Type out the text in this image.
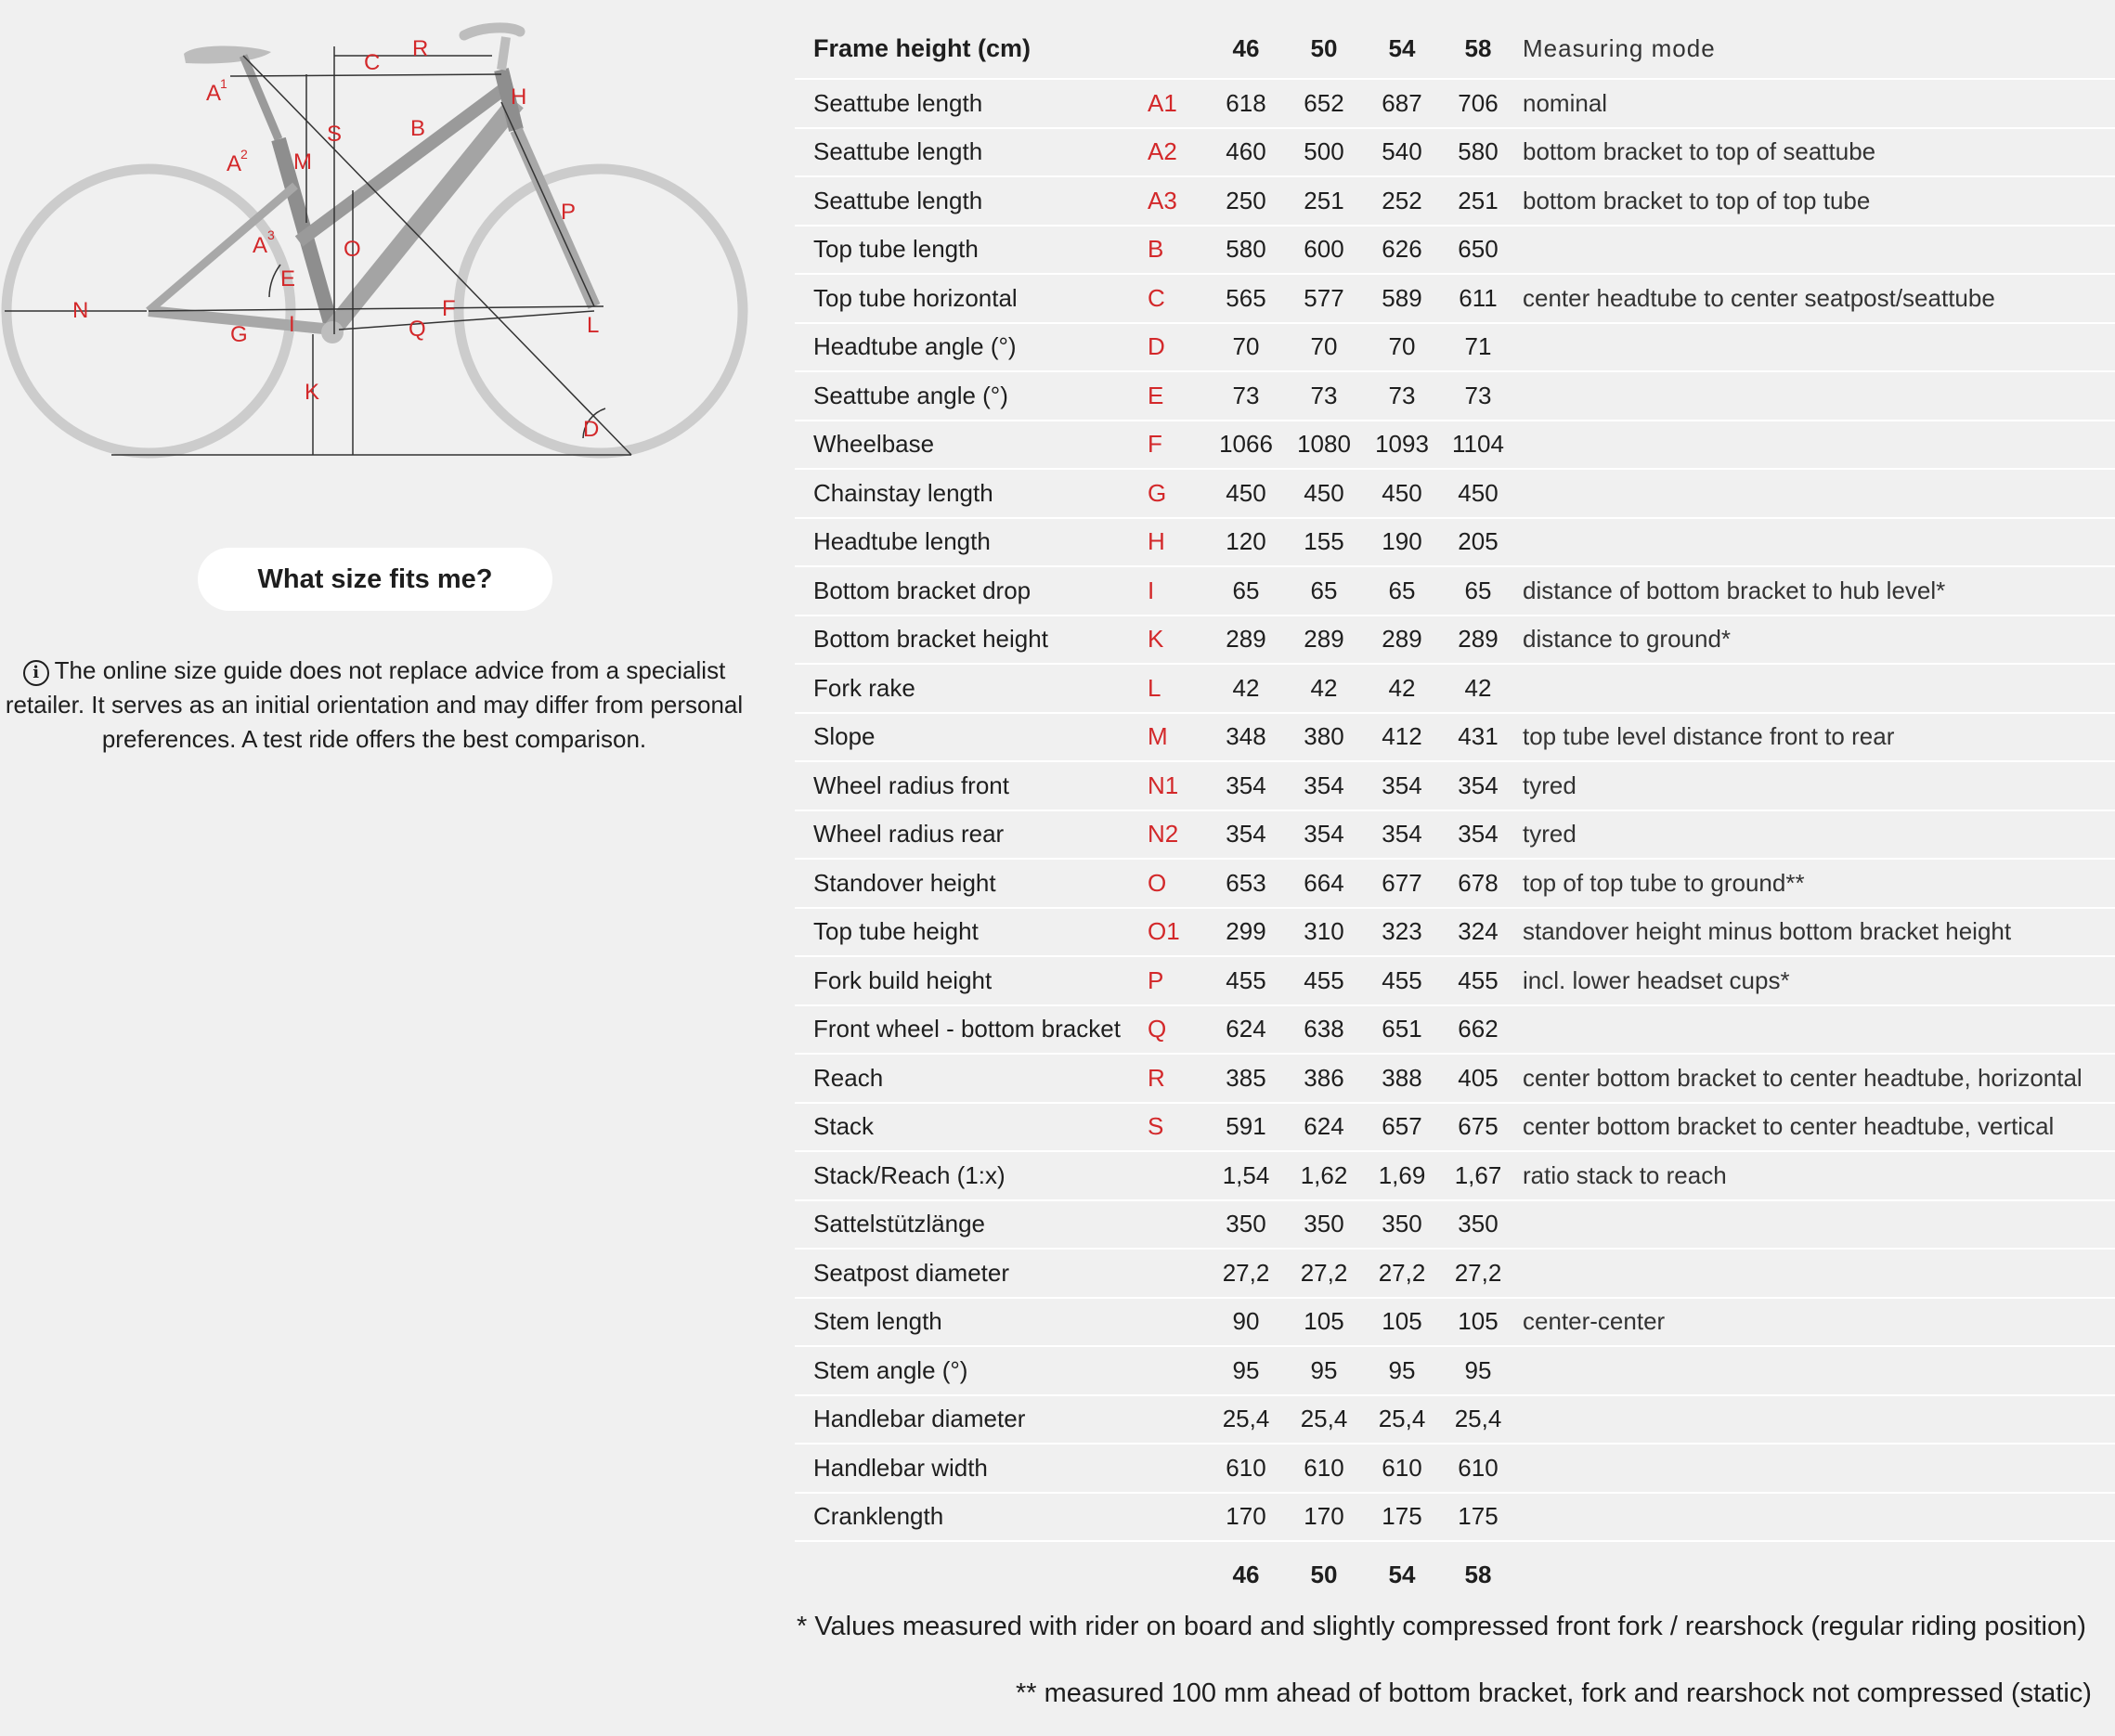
A
1
A
2
A 3
B
C
D
E
F
G
H
I
K
L
M
N
O
P
Q
R
S
What size fits me?
i The online size guide does not replace advice from a specialist retailer. It serves as an initial orientation and may differ from personal preferences. A test ride offers the best comparison.
Frame height (cm)		46	50	54	58	Measuring mode
Seattube length	A1	618	652	687	706	nominal
Seattube length	A2	460	500	540	580	bottom bracket to top of seattube
Seattube length	A3	250	251	252	251	bottom bracket to top of top tube
Top tube length	B	580	600	626	650	
Top tube horizontal	C	565	577	589	611	center headtube to center seatpost/seattube
Headtube angle (°)	D	70	70	70	71	
Seattube angle (°)	E	73	73	73	73	
Wheelbase	F	1066	1080	1093	1104	
Chainstay length	G	450	450	450	450	
Headtube length	H	120	155	190	205	
Bottom bracket drop	I	65	65	65	65	distance of bottom bracket to hub level*
Bottom bracket height	K	289	289	289	289	distance to ground*
Fork rake	L	42	42	42	42	
Slope	M	348	380	412	431	top tube level distance front to rear
Wheel radius front	N1	354	354	354	354	tyred
Wheel radius rear	N2	354	354	354	354	tyred
Standover height	O	653	664	677	678	top of top tube to ground**
Top tube height	O1	299	310	323	324	standover height minus bottom bracket height
Fork build height	P	455	455	455	455	incl. lower headset cups*
Front wheel - bottom bracket	Q	624	638	651	662	
Reach	R	385	386	388	405	center bottom bracket to center headtube, horizontal
Stack	S	591	624	657	675	center bottom bracket to center headtube, vertical
Stack/Reach (1:x)		1,54	1,62	1,69	1,67	ratio stack to reach
Sattelstützlänge		350	350	350	350	
Seatpost diameter		27,2	27,2	27,2	27,2	
Stem length		90	105	105	105	center-center
Stem angle (°)		95	95	95	95	
Handlebar diameter		25,4	25,4	25,4	25,4	
Handlebar width		610	610	610	610	
Cranklength		170	170	175	175	
		46	50	54	58	
* Values measured with rider on board and slightly compressed front fork / rearshock (regular riding position)
** measured 100 mm ahead of bottom bracket, fork and rearshock not compressed (static)
